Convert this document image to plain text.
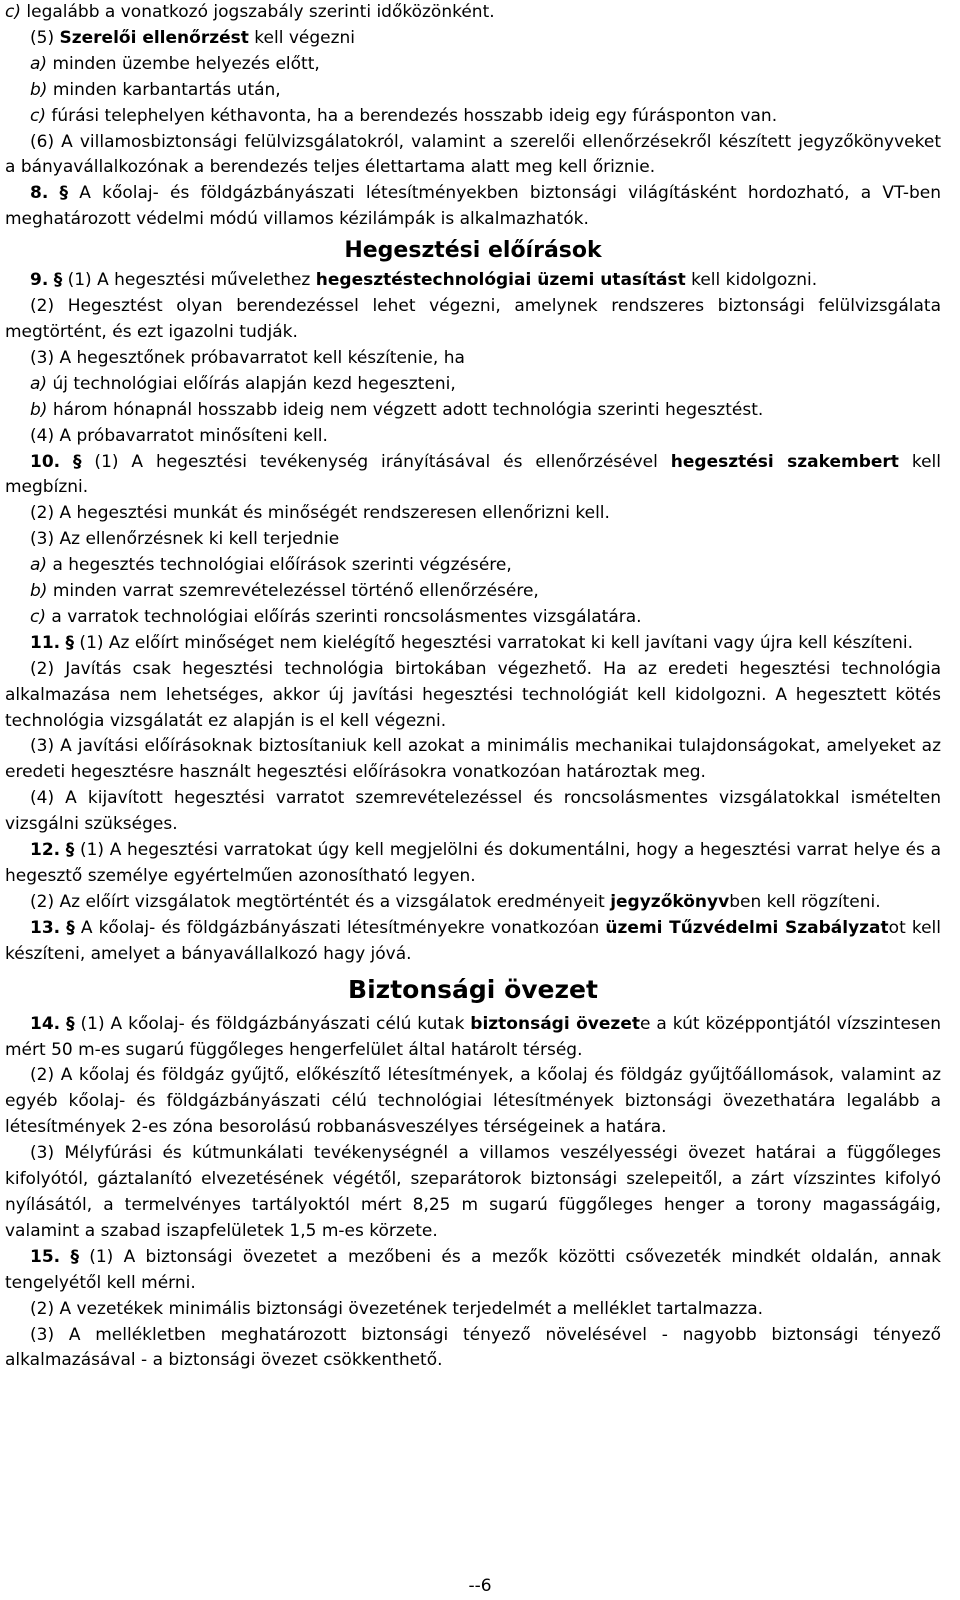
c) legalább a vonatkozó jogszabály szerinti időközönként.

(5) Szerelői ellenőrzést kell végezni

a) minden üzembe helyezés előtt,

b) minden karbantartás után,

c) fúrási telephelyen kéthavonta, ha a berendezés hosszabb ideig egy fúrásponton van.

(6) A villamosbiztonsági felülvizsgálatokról, valamint a szerelői ellenőrzésekről készített jegyzőkönyveket a bányavállalkozónak a berendezés teljes élettartama alatt meg kell őriznie.

8. § A kőolaj- és földgázbányászati létesítményekben biztonsági világításként hordozható, a VT-ben meghatározott védelmi módú villamos kézilámpák is alkalmazhatók.

Hegesztési előírások

9. § (1) A hegesztési művelethez hegesztéstechnológiai üzemi utasítást kell kidolgozni.

(2) Hegesztést olyan berendezéssel lehet végezni, amelynek rendszeres biztonsági felülvizsgálata megtörtént, és ezt igazolni tudják.

(3) A hegesztőnek próbavarratot kell készítenie, ha

a) új technológiai előírás alapján kezd hegeszteni,

b) három hónapnál hosszabb ideig nem végzett adott technológia szerinti hegesztést.

(4) A próbavarratot minősíteni kell.

10. § (1) A hegesztési tevékenység irányításával és ellenőrzésével hegesztési szakembert kell megbízni.

(2) A hegesztési munkát és minőségét rendszeresen ellenőrizni kell.

(3) Az ellenőrzésnek ki kell terjednie

a) a hegesztés technológiai előírások szerinti végzésére,

b) minden varrat szemrevételezéssel történő ellenőrzésére,

c) a varratok technológiai előírás szerinti roncsolásmentes vizsgálatára.

11. § (1) Az előírt minőséget nem kielégítő hegesztési varratokat ki kell javítani vagy újra kell készíteni.

(2) Javítás csak hegesztési technológia birtokában végezhető. Ha az eredeti hegesztési technológia alkalmazása nem lehetséges, akkor új javítási hegesztési technológiát kell kidolgozni. A hegesztett kötés technológia vizsgálatát ez alapján is el kell végezni.

(3) A javítási előírásoknak biztosítaniuk kell azokat a minimális mechanikai tulajdonságokat, amelyeket az eredeti hegesztésre használt hegesztési előírásokra vonatkozóan határoztak meg.

(4) A kijavított hegesztési varratot szemrevételezéssel és roncsolásmentes vizsgálatokkal ismételten vizsgálni szükséges.

12. § (1) A hegesztési varratokat úgy kell megjelölni és dokumentálni, hogy a hegesztési varrat helye és a hegesztő személye egyértelműen azonosítható legyen.

(2) Az előírt vizsgálatok megtörténtét és a vizsgálatok eredményeit jegyzőkönyvben kell rögzíteni.

13. § A kőolaj- és földgázbányászati létesítményekre vonatkozóan üzemi Tűzvédelmi Szabályzatot kell készíteni, amelyet a bányavállalkozó hagy jóvá.

Biztonsági övezet

14. § (1) A kőolaj- és földgázbányászati célú kutak biztonsági övezete a kút középpontjától vízszintesen mért 50 m-es sugarú függőleges hengerfelület által határolt térség.

(2) A kőolaj és földgáz gyűjtő, előkészítő létesítmények, a kőolaj és földgáz gyűjtőállomások, valamint az egyéb kőolaj- és földgázbányászati célú technológiai létesítmények biztonsági övezethatára legalább a létesítmények 2-es zóna besorolású robbanásveszélyes térségeinek a határa.

(3) Mélyfúrási és kútmunkálati tevékenységnél a villamos veszélyességi övezet határai a függőleges kifolyótól, gáztalanító elvezetésének végétől, szeparátorok biztonsági szelepeitől, a zárt vízszintes kifolyó nyílásától, a termelvényes tartályoktól mért 8,25 m sugarú függőleges henger a torony magasságáig, valamint a szabad iszapfelületek 1,5 m-es körzete.

15. § (1) A biztonsági övezetet a mezőbeni és a mezők közötti csővezeték mindkét oldalán, annak tengelyétől kell mérni.

(2) A vezetékek minimális biztonsági övezetének terjedelmét a melléklet tartalmazza.

(3) A mellékletben meghatározott biztonsági tényező növelésével - nagyobb biztonsági tényező alkalmazásával - a biztonsági övezet csökkenthető.

--6
